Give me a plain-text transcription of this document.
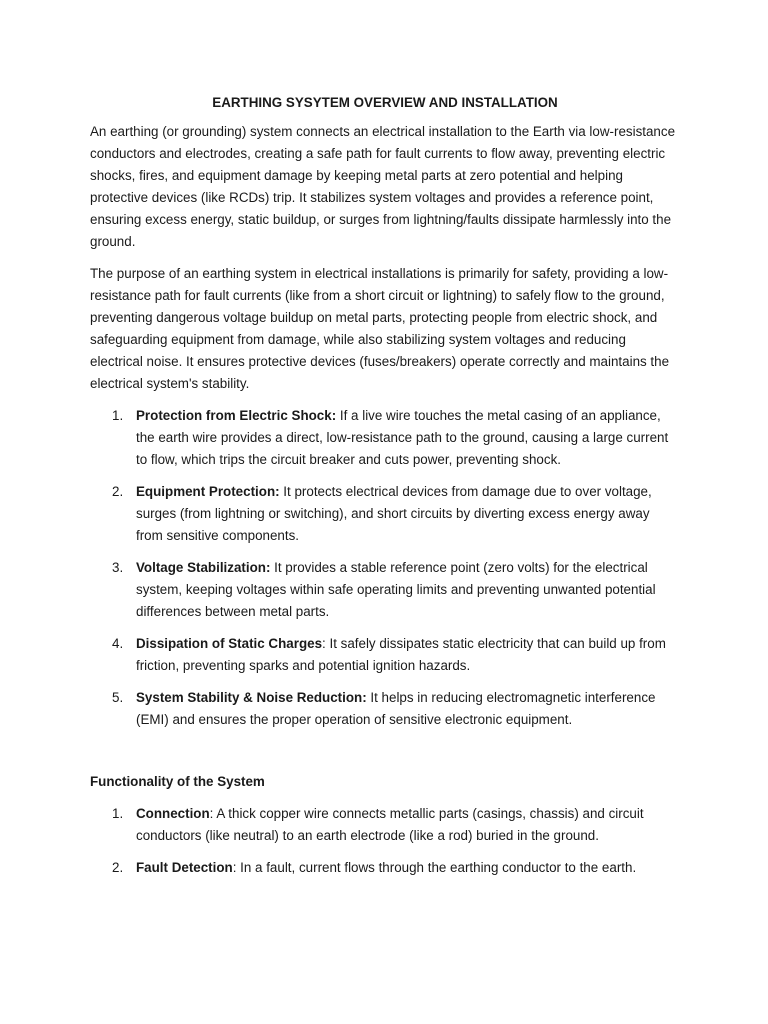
EARTHING SYSYTEM OVERVIEW AND INSTALLATION

An earthing (or grounding) system connects an electrical installation to the Earth via low-resistance conductors and electrodes, creating a safe path for fault currents to flow away, preventing electric shocks, fires, and equipment damage by keeping metal parts at zero potential and helping protective devices (like RCDs) trip. It stabilizes system voltages and provides a reference point, ensuring excess energy, static buildup, or surges from lightning/faults dissipate harmlessly into the ground.

The purpose of an earthing system in electrical installations is primarily for safety, providing a low-resistance path for fault currents (like from a short circuit or lightning) to safely flow to the ground, preventing dangerous voltage buildup on metal parts, protecting people from electric shock, and safeguarding equipment from damage, while also stabilizing system voltages and reducing electrical noise. It ensures protective devices (fuses/breakers) operate correctly and maintains the electrical system's stability.

1. Protection from Electric Shock: If a live wire touches the metal casing of an appliance, the earth wire provides a direct, low-resistance path to the ground, causing a large current to flow, which trips the circuit breaker and cuts power, preventing shock.
2. Equipment Protection: It protects electrical devices from damage due to over voltage, surges (from lightning or switching), and short circuits by diverting excess energy away from sensitive components.
3. Voltage Stabilization: It provides a stable reference point (zero volts) for the electrical system, keeping voltages within safe operating limits and preventing unwanted potential differences between metal parts.
4. Dissipation of Static Charges: It safely dissipates static electricity that can build up from friction, preventing sparks and potential ignition hazards.
5. System Stability & Noise Reduction: It helps in reducing electromagnetic interference (EMI) and ensures the proper operation of sensitive electronic equipment.
Functionality of the System
1. Connection: A thick copper wire connects metallic parts (casings, chassis) and circuit conductors (like neutral) to an earth electrode (like a rod) buried in the ground.
2. Fault Detection: In a fault, current flows through the earthing conductor to the earth.
